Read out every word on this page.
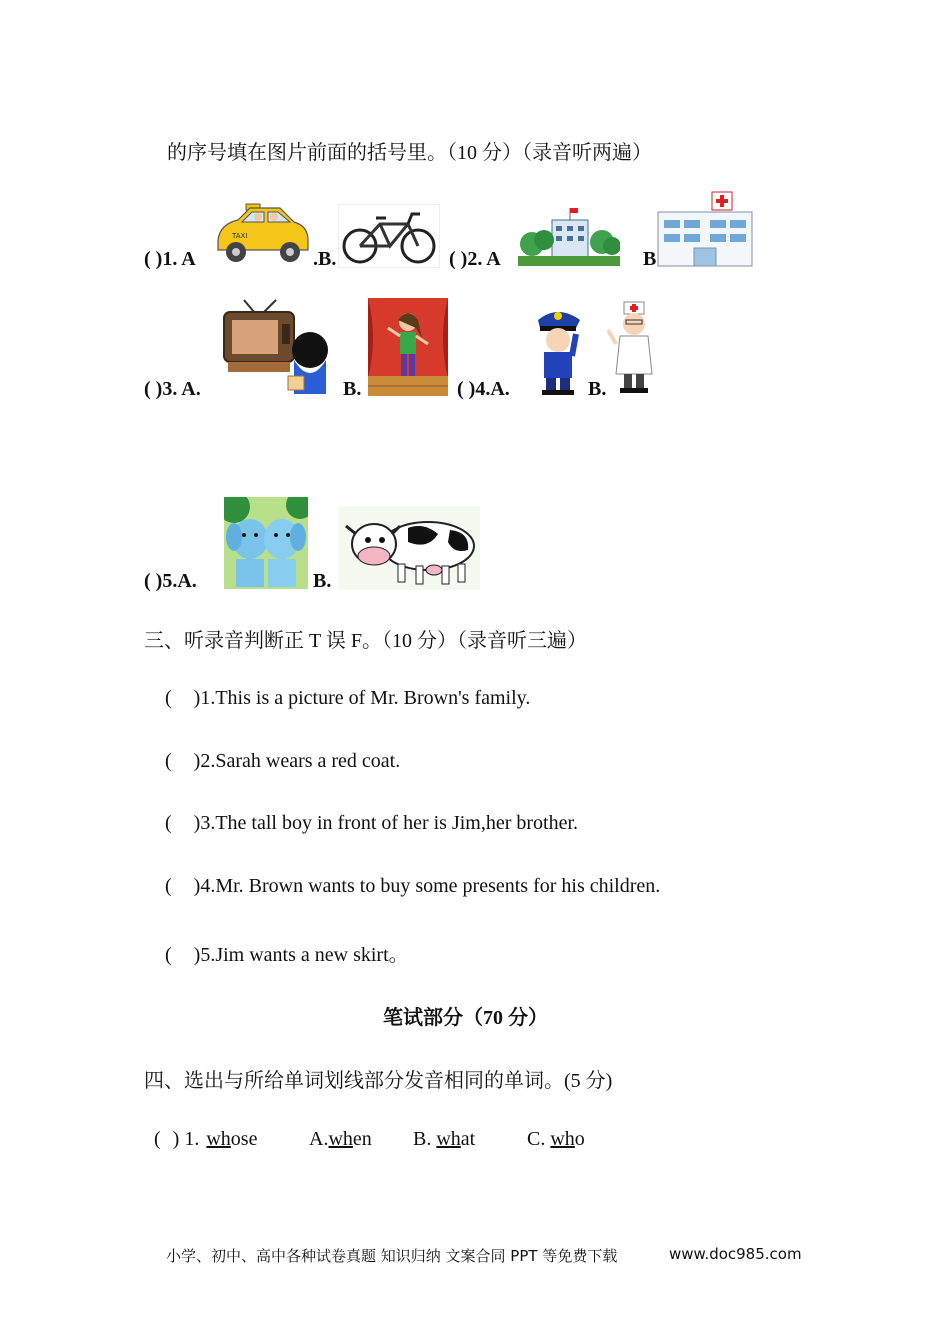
的序号填在图片前面的括号里。（10 分）（录音听两遍）
( )1. A
TAXI
.B.	( )2. A	B
( )3. A.	B.	( )4.A.	B.
( )5.A.	B.
三、听录音判断正 T 误 F。（10 分）（录音听三遍）
( )1.This is a picture of Mr. Brown's family.
( )2.Sarah wears a red coat.
( )3.The tall boy in front of her is Jim,her brother.
( )4.Mr. Brown wants to buy some presents for his children.
( )5.Jim wants a new skirt。
笔试部分（70 分）
四、选出与所给单词划线部分发音相同的单词。(5 分)
( ) 1. whose	A.when B. what	C. who
小学、初中、高中各种试卷真题 知识归纳 文案合同 PPT 等免费下载	www.doc985.com
